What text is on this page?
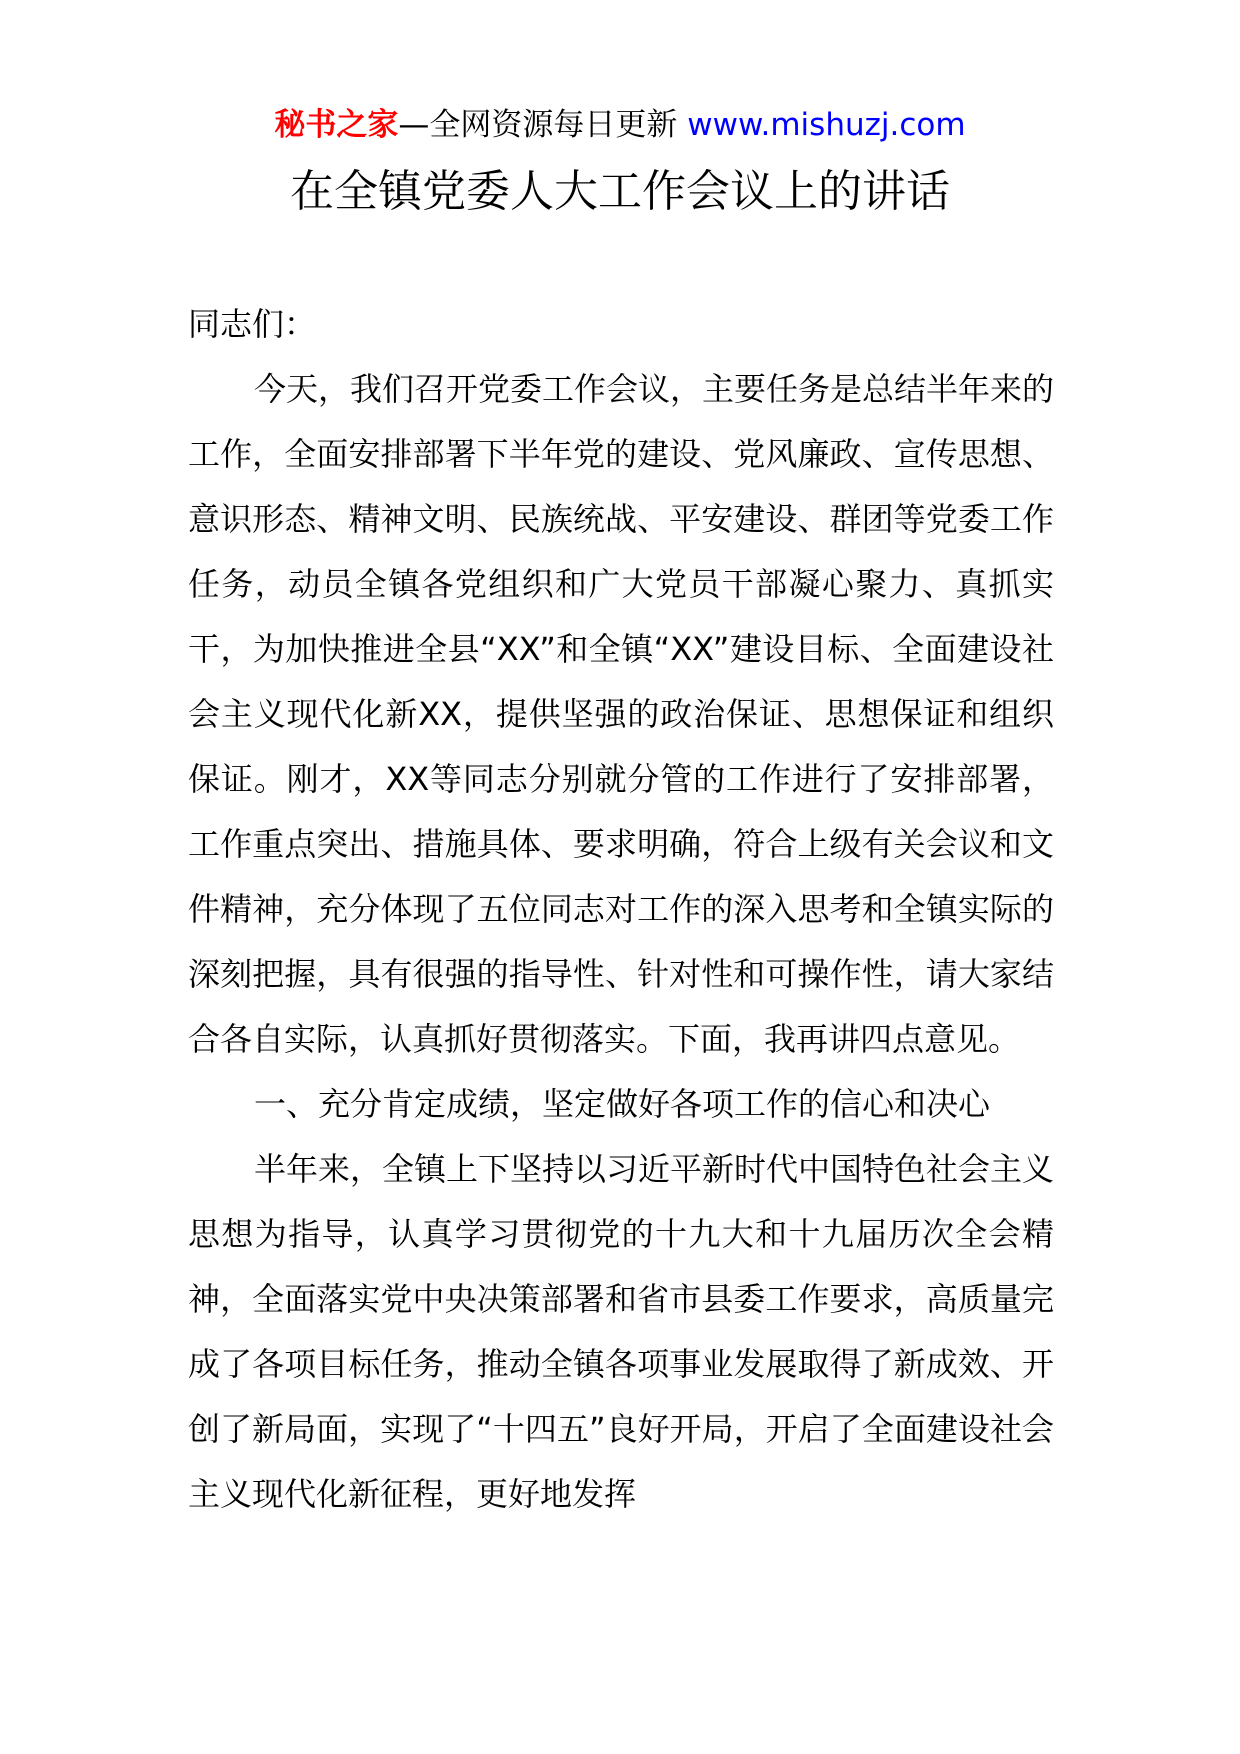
秘书之家—全网资源每日更新 www.mishuzj.com
在全镇党委人大工作会议上的讲话

同志们：

今天，我们召开党委工作会议，主要任务是总结半年来的工作，全面安排部署下半年党的建设、党风廉政、宣传思想、意识形态、精神文明、民族统战、平安建设、群团等党委工作任务，动员全镇各党组织和广大党员干部凝心聚力、真抓实干，为加快推进全县“XX”和全镇“XX”建设目标、全面建设社会主义现代化新XX，提供坚强的政治保证、思想保证和组织保证。刚才，XX等同志分别就分管的工作进行了安排部署，工作重点突出、措施具体、要求明确，符合上级有关会议和文件精神，充分体现了五位同志对工作的深入思考和全镇实际的深刻把握，具有很强的指导性、针对性和可操作性，请大家结合各自实际，认真抓好贯彻落实。下面，我再讲四点意见。

一、充分肯定成绩，坚定做好各项工作的信心和决心

半年来，全镇上下坚持以习近平新时代中国特色社会主义思想为指导，认真学习贯彻党的十九大和十九届历次全会精神，全面落实党中央决策部署和省市县委工作要求，高质量完成了各项目标任务，推动全镇各项事业发展取得了新成效、开创了新局面，实现了“十四五”良好开局，开启了全面建设社会主义现代化新征程，更好地发挥
